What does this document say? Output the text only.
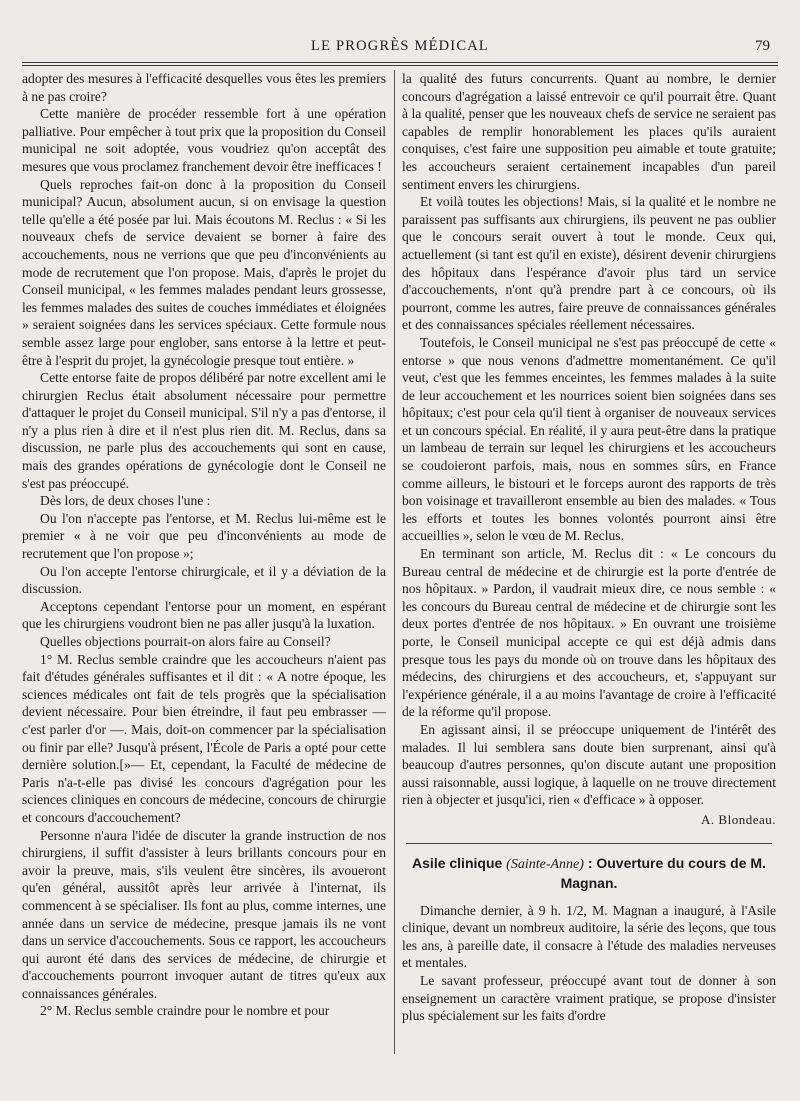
LE PROGRÈS MÉDICAL	79

adopter des mesures à l'efficacité desquelles vous êtes les premiers à ne pas croire?

Cette manière de procéder ressemble fort à une opération palliative. Pour empêcher à tout prix que la proposition du Conseil municipal ne soit adoptée, vous voudriez qu'on acceptât des mesures que vous proclamez franchement devoir être inefficaces !

Quels reproches fait-on donc à la proposition du Conseil municipal? Aucun, absolument aucun, si on envisage la question telle qu'elle a été posée par lui. Mais écoutons M. Reclus : « Si les nouveaux chefs de service devaient se borner à faire des accouchements, nous ne verrions que que peu d'inconvénients au mode de recrutement que l'on propose. Mais, d'après le projet du Conseil municipal, « les femmes malades pendant leurs grossesse, les femmes malades des suites de couches immédiates et éloignées » seraient soignées dans les services spéciaux. Cette formule nous semble assez large pour englober, sans entorse à la lettre et peut-être à l'esprit du projet, la gynécologie presque tout entière. »

Cette entorse faite de propos délibéré par notre excellent ami le chirurgien Reclus était absolument nécessaire pour permettre d'attaquer le projet du Conseil municipal. S'il n'y a pas d'entorse, il n'y a plus rien à dire et il n'est plus rien dit. M. Reclus, dans sa discussion, ne parle plus des accouchements qui sont en cause, mais des grandes opérations de gynécologie dont le Conseil ne s'est pas préoccupé.

Dès lors, de deux choses l'une :

Ou l'on n'accepte pas l'entorse, et M. Reclus lui-même est le premier « à ne voir que peu d'inconvénients au mode de recrutement que l'on propose »;

Ou l'on accepte l'entorse chirurgicale, et il y a déviation de la discussion.

Acceptons cependant l'entorse pour un moment, en espérant que les chirurgiens voudront bien ne pas aller jusqu'à la luxation.

Quelles objections pourrait-on alors faire au Conseil?

1° M. Reclus semble craindre que les accoucheurs n'aient pas fait d'études générales suffisantes et il dit : « A notre époque, les sciences médicales ont fait de tels progrès que la spécialisation devient nécessaire. Pour bien étreindre, il faut peu embrasser — c'est parler d'or —. Mais, doit-on commencer par la spécialisation ou finir par elle? Jusqu'à présent, l'École de Paris a opté pour cette dernière solution.[»— Et, cependant, la Faculté de médecine de Paris n'a-t-elle pas divisé les concours d'agrégation pour les sciences cliniques en concours de médecine, concours de chirurgie et concours d'accouchement?

Personne n'aura l'idée de discuter la grande instruction de nos chirurgiens, il suffit d'assister à leurs brillants concours pour en avoir la preuve, mais, s'ils veulent être sincères, ils avoueront qu'en général, aussitôt après leur arrivée à l'internat, ils commencent à se spécialiser. Ils font au plus, comme internes, une année dans un service de médecine, presque jamais ils ne vont dans un service d'accouchements. Sous ce rapport, les accoucheurs qui auront été dans des services de médecine, de chirurgie et d'accouchements pourront invoquer autant de titres qu'eux aux connaissances générales.

2° M. Reclus semble craindre pour le nombre et pour

la qualité des futurs concurrents. Quant au nombre, le dernier concours d'agrégation a laissé entrevoir ce qu'il pourrait être. Quant à la qualité, penser que les nouveaux chefs de service ne seraient pas capables de remplir honorablement les places qu'ils auraient conquises, c'est faire une supposition peu aimable et toute gratuite; les accoucheurs seraient certainement incapables d'un pareil sentiment envers les chirurgiens.

Et voilà toutes les objections! Mais, si la qualité et le nombre ne paraissent pas suffisants aux chirurgiens, ils peuvent ne pas oublier que le concours serait ouvert à tout le monde. Ceux qui, actuellement (si tant est qu'il en existe), désirent devenir chirurgiens des hôpitaux dans l'espérance d'avoir plus tard un service d'accouchements, n'ont qu'à prendre part à ce concours, où ils pourront, comme les autres, faire preuve de connaissances générales et des connaissances spéciales réellement nécessaires.

Toutefois, le Conseil municipal ne s'est pas préoccupé de cette « entorse » que nous venons d'admettre momentanément. Ce qu'il veut, c'est que les femmes enceintes, les femmes malades à la suite de leur accouchement et les nourrices soient bien soignées dans ses hôpitaux; c'est pour cela qu'il tient à organiser de nouveaux services et un concours spécial. En réalité, il y aura peut-être dans la pratique un lambeau de terrain sur lequel les chirurgiens et les accoucheurs se coudoieront parfois, mais, nous en sommes sûrs, en France comme ailleurs, le bistouri et le forceps auront des rapports de très bon voisinage et travailleront ensemble au bien des malades. « Tous les efforts et toutes les bonnes volontés pourront ainsi être accueillies », selon le vœu de M. Reclus.

En terminant son article, M. Reclus dit : « Le concours du Bureau central de médecine et de chirurgie est la porte d'entrée de nos hôpitaux. » Pardon, il vaudrait mieux dire, ce nous semble : « les concours du Bureau central de médecine et de chirurgie sont les deux portes d'entrée de nos hôpitaux. » En ouvrant une troisième porte, le Conseil municipal accepte ce qui est déjà admis dans presque tous les pays du monde où on trouve dans les hôpitaux des médecins, des chirurgiens et des accoucheurs, et, s'appuyant sur l'expérience générale, il a au moins l'avantage de croire à l'efficacité de la réforme qu'il propose.

En agissant ainsi, il se préoccupe uniquement de l'intérêt des malades. Il lui semblera sans doute bien surprenant, ainsi qu'à beaucoup d'autres personnes, qu'on discute autant une proposition aussi raisonnable, aussi logique, à laquelle on ne trouve directement rien à objecter et jusqu'ici, rien « d'efficace » à opposer.

A. Blondeau.
Asile clinique (Sainte-Anne) : Ouverture du cours de M. Magnan.

Dimanche dernier, à 9 h. 1/2, M. Magnan a inauguré, à l'Asile clinique, devant un nombreux auditoire, la série des leçons, que tous les ans, à pareille date, il consacre à l'étude des maladies nerveuses et mentales.

Le savant professeur, préoccupé avant tout de donner à son enseignement un caractère vraiment pratique, se propose d'insister plus spécialement sur les faits d'ordre
